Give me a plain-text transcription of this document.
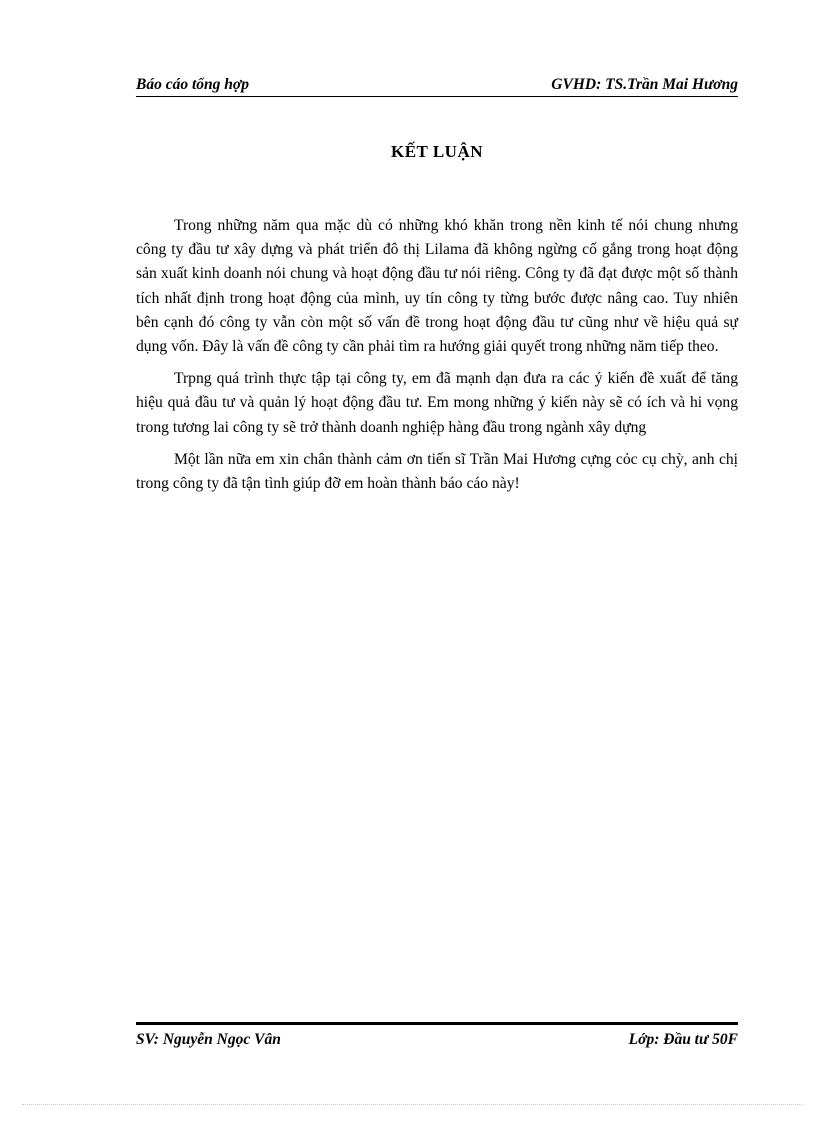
Báo cáo tổng hợp	GVHD: TS.Trần Mai Hương
KẾT LUẬN

Trong những năm qua mặc dù có những khó khăn trong nền kinh tế nói chung nhưng công ty đầu tư xây dựng và phát triển đô thị Lilama đã không ngừng cố gắng trong hoạt động sản xuất kinh doanh nói chung và hoạt động đầu tư nói riêng. Công ty đã đạt được một số thành tích nhất định trong hoạt động của mình, uy tín công ty từng bước được nâng cao. Tuy nhiên bên cạnh đó công ty vẫn còn một số vấn đề trong hoạt động đầu tư cũng như về hiệu quả sự dụng vốn. Đây là vấn đề công ty cần phải tìm ra hướng giải quyết trong những năm tiếp theo.

Trpng quá trình thực tập tại công ty, em đã mạnh dạn đưa ra các ý kiến đề xuất để tăng hiệu quả đầu tư và quản lý hoạt động đầu tư. Em mong những ý kiến này sẽ có ích và hi vọng trong tương lai công ty sẽ trở thành doanh nghiệp hàng đầu trong ngành xây dựng

Một lần nữa em xin chân thành cảm ơn tiến sĩ Trần Mai Hương cựng cỏc cụ chỳ, anh chị trong công ty đã tận tình giúp đỡ em hoàn thành báo cáo này!

SV: Nguyễn Ngọc Vân	Lớp: Đầu tư 50F
